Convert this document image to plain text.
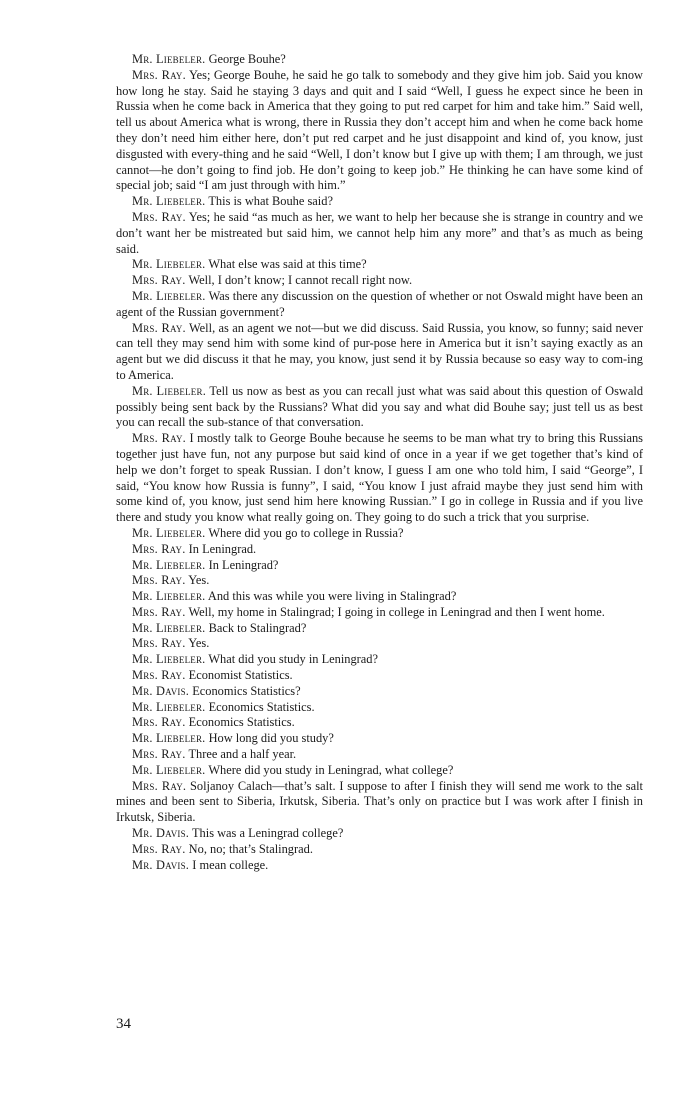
Mr. Liebeler. George Bouhe?

Mrs. Ray. Yes; George Bouhe, he said he go talk to somebody and they give him job. Said you know how long he stay. Said he staying 3 days and quit and I said “Well, I guess he expect since he been in Russia when he come back in America that they going to put red carpet for him and take him.” Said well, tell us about America what is wrong, there in Russia they don’t accept him and when he come back home they don’t need him either here, don’t put red carpet and he just disappoint and kind of, you know, just disgusted with every-thing and he said “Well, I don’t know but I give up with them; I am through, we just cannot—he don’t going to find job. He don’t going to keep job.” He thinking he can have some kind of special job; said “I am just through with him.”

Mr. Liebeler. This is what Bouhe said?

Mrs. Ray. Yes; he said “as much as her, we want to help her because she is strange in country and we don’t want her be mistreated but said him, we cannot help him any more” and that’s as much as being said.

Mr. Liebeler. What else was said at this time?

Mrs. Ray. Well, I don’t know; I cannot recall right now.

Mr. Liebeler. Was there any discussion on the question of whether or not Oswald might have been an agent of the Russian government?

Mrs. Ray. Well, as an agent we not—but we did discuss. Said Russia, you know, so funny; said never can tell they may send him with some kind of pur-pose here in America but it isn’t saying exactly as an agent but we did discuss it that he may, you know, just send it by Russia because so easy way to com-ing to America.

Mr. Liebeler. Tell us now as best as you can recall just what was said about this question of Oswald possibly being sent back by the Russians? What did you say and what did Bouhe say; just tell us as best you can recall the sub-stance of that conversation.

Mrs. Ray. I mostly talk to George Bouhe because he seems to be man what try to bring this Russians together just have fun, not any purpose but said kind of once in a year if we get together that’s kind of help we don’t forget to speak Russian. I don’t know, I guess I am one who told him, I said “George”, I said, “You know how Russia is funny”, I said, “You know I just afraid maybe they just send him with some kind of, you know, just send him here knowing Russian.” I go in college in Russia and if you live there and study you know what really going on. They going to do such a trick that you surprise.

Mr. Liebeler. Where did you go to college in Russia?

Mrs. Ray. In Leningrad.

Mr. Liebeler. In Leningrad?

Mrs. Ray. Yes.

Mr. Liebeler. And this was while you were living in Stalingrad?

Mrs. Ray. Well, my home in Stalingrad; I going in college in Leningrad and then I went home.

Mr. Liebeler. Back to Stalingrad?

Mrs. Ray. Yes.

Mr. Liebeler. What did you study in Leningrad?

Mrs. Ray. Economist Statistics.

Mr. Davis. Economics Statistics?

Mr. Liebeler. Economics Statistics.

Mrs. Ray. Economics Statistics.

Mr. Liebeler. How long did you study?

Mrs. Ray. Three and a half year.

Mr. Liebeler. Where did you study in Leningrad, what college?

Mrs. Ray. Soljanoy Calach—that’s salt. I suppose to after I finish they will send me work to the salt mines and been sent to Siberia, Irkutsk, Siberia. That’s only on practice but I was work after I finish in Irkutsk, Siberia.

Mr. Davis. This was a Leningrad college?

Mrs. Ray. No, no; that’s Stalingrad.

Mr. Davis. I mean college.

34
